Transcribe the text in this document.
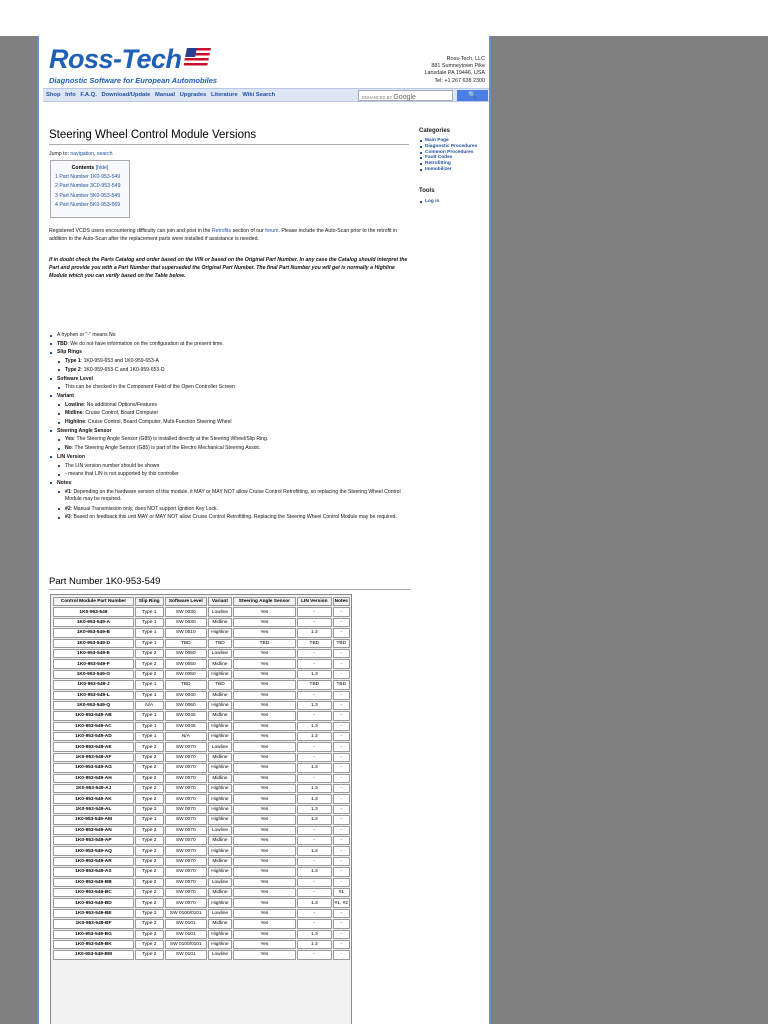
Ross-Tech
Diagnostic Software for European Automobiles
Ross-Tech, LLC
881 Sumneytown Pike
Lansdale PA 19446, USA
Tel: +1 267 638 2300
Shop Info F.A.Q. Download/Update Manual Upgrades Literature Wiki Search	ENHANCED BY Google	🔍
Steering Wheel Control Module Versions
Jump to: navigation, search
Contents [hide]
1 Part Number 1K0-953-549
2 Part Number 3C0-953-549
3 Part Number 5K0-953-549
4 Part Number 5K0-953-569
Registered VCDS users encountering difficulty can join and post in the Retrofits section of our forum. Please include the Auto-Scan prior to the retrofit in addition to the Auto-Scan after the replacement parts were installed if assistance is needed.
If in doubt check the Parts Catalog and order based on the VIN or based on the Original Part Number. In any case the Catalog should interpret the Part and provide you with a Part Number that superseded the Original Part Number. The final Part Number you will get is normally a Highline Module which you can verify based on the Table below.
A hyphen or "-" means No
TBD: We do not have information on the configuration at the present time.
Slip Rings
Type 1: 1K0-959-653 and 1K0-959-653-A
Type 2: 1K0-959-653-C and 1K0-959-653-D
Software Level
This can be checked in the Component Field of the Open Controller Screen
Variant
Lowline: No additional Options/Features
Midline: Cruise Control, Board Computer
Highline: Cruise Control, Board Computer, Multi-Function Steering Wheel
Steering Angle Sensor
Yes: The Steering Angle Sensor (G85) is installed directly at the Steering Wheel/Slip Ring.
No: The Steering Angle Sensor (G85) is part of the Electro Mechanical Steering Assist.
LIN Version
The LIN version number should be shown
- means that LIN is not supported by this controller
Notes:
#1: Depending on the hardware version of this module, it MAY or MAY NOT allow Cruise Control Retrofitting, so replacing the Steering Wheel Control Module may be required.
#2: Manual Transmission only, does NOT support Ignition Key Lock.
#3: Based on feedback this unit MAY or MAY NOT allow Cruise Control Retrofitting. Replacing the Steering Wheel Control Module may be required.
Part Number 1K0-953-549
Control Module Part Number	Slip Ring	Software Level	Variant	Steering Angle Sensor	LIN Version	Notes
1K0-953-549	Type 1	SW 0030	Lowline	Yes	-	-
1K0-953-549-A	Type 1	SW 0030	Midline	Yes	-	-
1K0-953-549-B	Type 1	SW 0010	Highline	Yes	1.3	-
1K0-953-549-D	Type 1	TBD	TBD	TBD	TBD	TBD
1K0-953-549-E	Type 2	SW 0050	Lowline	Yes	-	-
1K0-953-549-F	Type 2	SW 0050	Midline	Yes	-	-
1K0-953-549-G	Type 2	SW 0050	Highline	Yes	1.3	-
1K0-953-549-J	Type 1	TBD	TBD	Yes	TBD	TBD
1K0-953-549-L	Type 1	SW 0040	Midline	Yes	-	-
1K0-953-549-Q	N/A	SW 0060	Highline	Yes	1.3	-
1K0-953-549-AB	Type 1	SW 0045	Midline	Yes	-	-
1K0-953-549-AC	Type 1	SW 0045	Highline	Yes	1.3	-
1K0-953-549-AD	Type 1	N/A	Highline	Yes	1.3	-
1K0-953-549-AE	Type 2	SW 0070	Lowline	Yes	-	-
1K0-953-549-AF	Type 2	SW 0070	Midline	Yes	-	-
1K0-953-549-AG	Type 2	SW 0070	Highline	Yes	1.3	-
1K0-953-549-AH	Type 2	SW 0070	Midline	Yes	-	-
1K0-953-549-AJ	Type 2	SW 0070	Highline	Yes	1.3	-
1K0-953-549-AK	Type 2	SW 0070	Highline	Yes	1.3	-
1K0-953-549-AL	Type 2	SW 0070	Highline	Yes	1.3	-
1K0-953-549-AM	Type 1	SW 0070	Highline	Yes	1.3	-
1K0-953-549-AN	Type 2	SW 0070	Lowline	Yes	-	-
1K0-953-549-AP	Type 2	SW 0070	Midline	Yes	-	-
1K0-953-549-AQ	Type 2	SW 0070	Highline	Yes	1.3	-
1K0-953-549-AR	Type 2	SW 0070	Midline	Yes	-	-
1K0-953-549-AS	Type 2	SW 0070	Highline	Yes	1.3	-
1K0-953-549-BB	Type 2	SW 0070	Lowline	Yes	-	-
1K0-953-549-BC	Type 2	SW 0070	Midline	Yes	-	#1
1K0-953-549-BD	Type 2	SW 0070	Highline	Yes	1.3	#1, #2
1K0-953-549-BE	Type 2	SW 0100/0101	Lowline	Yes	-	-
1K0-953-549-BF	Type 2	SW 0101	Midline	Yes	-	-
1K0-953-549-BG	Type 2	SW 0101	Highline	Yes	1.3	-
1K0-953-549-BK	Type 2	SW 0100/0101	Highline	Yes	1.3	-
1K0-953-549-BM	Type 2	SW 0101	Lowline	Yes	-	-
Categories
Main Page
Diagnostic Procedures
Common Procedures
Fault Codes
Retrofitting
Immobilizer
Tools
Log in
